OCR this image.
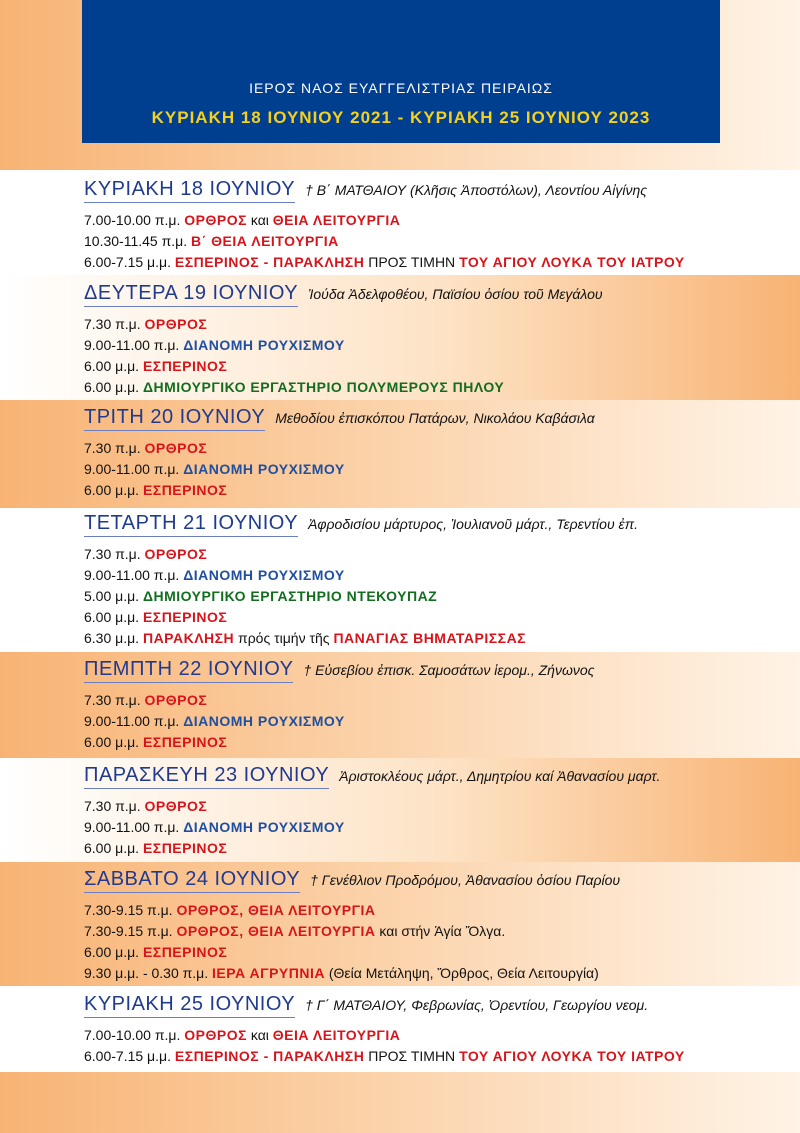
ΙΕΡΟΣ ΝΑΟΣ ΕΥΑΓΓΕΛΙΣΤΡΙΑΣ ΠΕΙΡΑΙΩΣ
ΚΥΡΙΑΚΗ 18 ΙΟΥΝΙΟΥ 2021 - ΚΥΡΙΑΚΗ 25 ΙΟΥΝΙΟΥ 2023
ΚΥΡΙΑΚΗ 18 ΙΟΥΝΙΟΥ † Β΄ ΜΑΤΘΑΙΟΥ (Κλῆσις Ἀποστόλων), Λεοντίου Αἰγίνης
7.00-10.00 π.μ. ΟΡΘΡΟΣ και ΘΕΙΑ ΛΕΙΤΟΥΡΓΙΑ
10.30-11.45 π.μ. Β΄ ΘΕΙΑ ΛΕΙΤΟΥΡΓΙΑ
6.00-7.15 μ.μ. ΕΣΠΕΡΙΝΟΣ - ΠΑΡΑΚΛΗΣΗ ΠΡΟΣ ΤΙΜΗΝ ΤΟΥ ΑΓΙΟΥ ΛΟΥΚΑ ΤΟΥ ΙΑΤΡΟΥ
ΔΕΥΤΕΡΑ 19 ΙΟΥΝΙΟΥ Ἰούδα Ἀδελφοθέου, Παϊσίου ὁσίου τοῦ Μεγάλου
7.30 π.μ. ΟΡΘΡΟΣ
9.00-11.00 π.μ. ΔΙΑΝΟΜΗ ΡΟΥΧΙΣΜΟΥ
6.00 μ.μ. ΕΣΠΕΡΙΝΟΣ
6.00 μ.μ. ΔΗΜΙΟΥΡΓΙΚΟ ΕΡΓΑΣΤΗΡΙΟ ΠΟΛΥΜΕΡΟΥΣ ΠΗΛΟΥ
ΤΡΙΤΗ 20 ΙΟΥΝΙΟΥ Μεθοδίου ἐπισκόπου Πατάρων, Νικολάου Καβάσιλα
7.30 π.μ. ΟΡΘΡΟΣ
9.00-11.00 π.μ. ΔΙΑΝΟΜΗ ΡΟΥΧΙΣΜΟΥ
6.00 μ.μ. ΕΣΠΕΡΙΝΟΣ
ΤΕΤΑΡΤΗ 21 ΙΟΥΝΙΟΥ Ἀφροδισίου μάρτυρος, Ἰουλιανοῦ μάρτ., Τερεντίου ἐπ.
7.30 π.μ. ΟΡΘΡΟΣ
9.00-11.00 π.μ. ΔΙΑΝΟΜΗ ΡΟΥΧΙΣΜΟΥ
5.00 μ.μ. ΔΗΜΙΟΥΡΓΙΚΟ ΕΡΓΑΣΤΗΡΙΟ ΝΤΕΚΟΥΠΑΖ
6.00 μ.μ. ΕΣΠΕΡΙΝΟΣ
6.30 μ.μ. ΠΑΡΑΚΛΗΣΗ πρός τιμήν τῆς ΠΑΝΑΓΙΑΣ ΒΗΜΑΤΑΡΙΣΣΑΣ
ΠΕΜΠΤΗ 22 ΙΟΥΝΙΟΥ † Εὐσεβίου ἐπισκ. Σαμοσάτων ἱερομ., Ζήνωνος
7.30 π.μ. ΟΡΘΡΟΣ
9.00-11.00 π.μ. ΔΙΑΝΟΜΗ ΡΟΥΧΙΣΜΟΥ
6.00 μ.μ. ΕΣΠΕΡΙΝΟΣ
ΠΑΡΑΣΚΕΥΗ 23 ΙΟΥΝΙΟΥ Ἀριστοκλέους μάρτ., Δημητρίου καί Ἀθανασίου μαρτ.
7.30 π.μ. ΟΡΘΡΟΣ
9.00-11.00 π.μ. ΔΙΑΝΟΜΗ ΡΟΥΧΙΣΜΟΥ
6.00 μ.μ. ΕΣΠΕΡΙΝΟΣ
ΣΑΒΒΑΤΟ 24 ΙΟΥΝΙΟΥ † Γενέθλιον Προδρόμου, Ἀθανασίου ὁσίου Παρίου
7.30-9.15 π.μ. ΟΡΘΡΟΣ, ΘΕΙΑ ΛΕΙΤΟΥΡΓΙΑ
7.30-9.15 π.μ. ΟΡΘΡΟΣ, ΘΕΙΑ ΛΕΙΤΟΥΡΓΙΑ και στήν Ἁγία Ὄλγα.
6.00 μ.μ. ΕΣΠΕΡΙΝΟΣ
9.30 μ.μ. - 0.30 π.μ. ΙΕΡΑ ΑΓΡΥΠΝΙΑ (Θεία Μετάληψη, Ὄρθρος, Θεία Λειτουργία)
ΚΥΡΙΑΚΗ 25 ΙΟΥΝΙΟΥ † Γ΄ ΜΑΤΘΑΙΟΥ, Φεβρωνίας, Ὀρεντίου, Γεωργίου νεομ.
7.00-10.00 π.μ. ΟΡΘΡΟΣ και ΘΕΙΑ ΛΕΙΤΟΥΡΓΙΑ
6.00-7.15 μ.μ. ΕΣΠΕΡΙΝΟΣ - ΠΑΡΑΚΛΗΣΗ ΠΡΟΣ ΤΙΜΗΝ ΤΟΥ ΑΓΙΟΥ ΛΟΥΚΑ ΤΟΥ ΙΑΤΡΟΥ
